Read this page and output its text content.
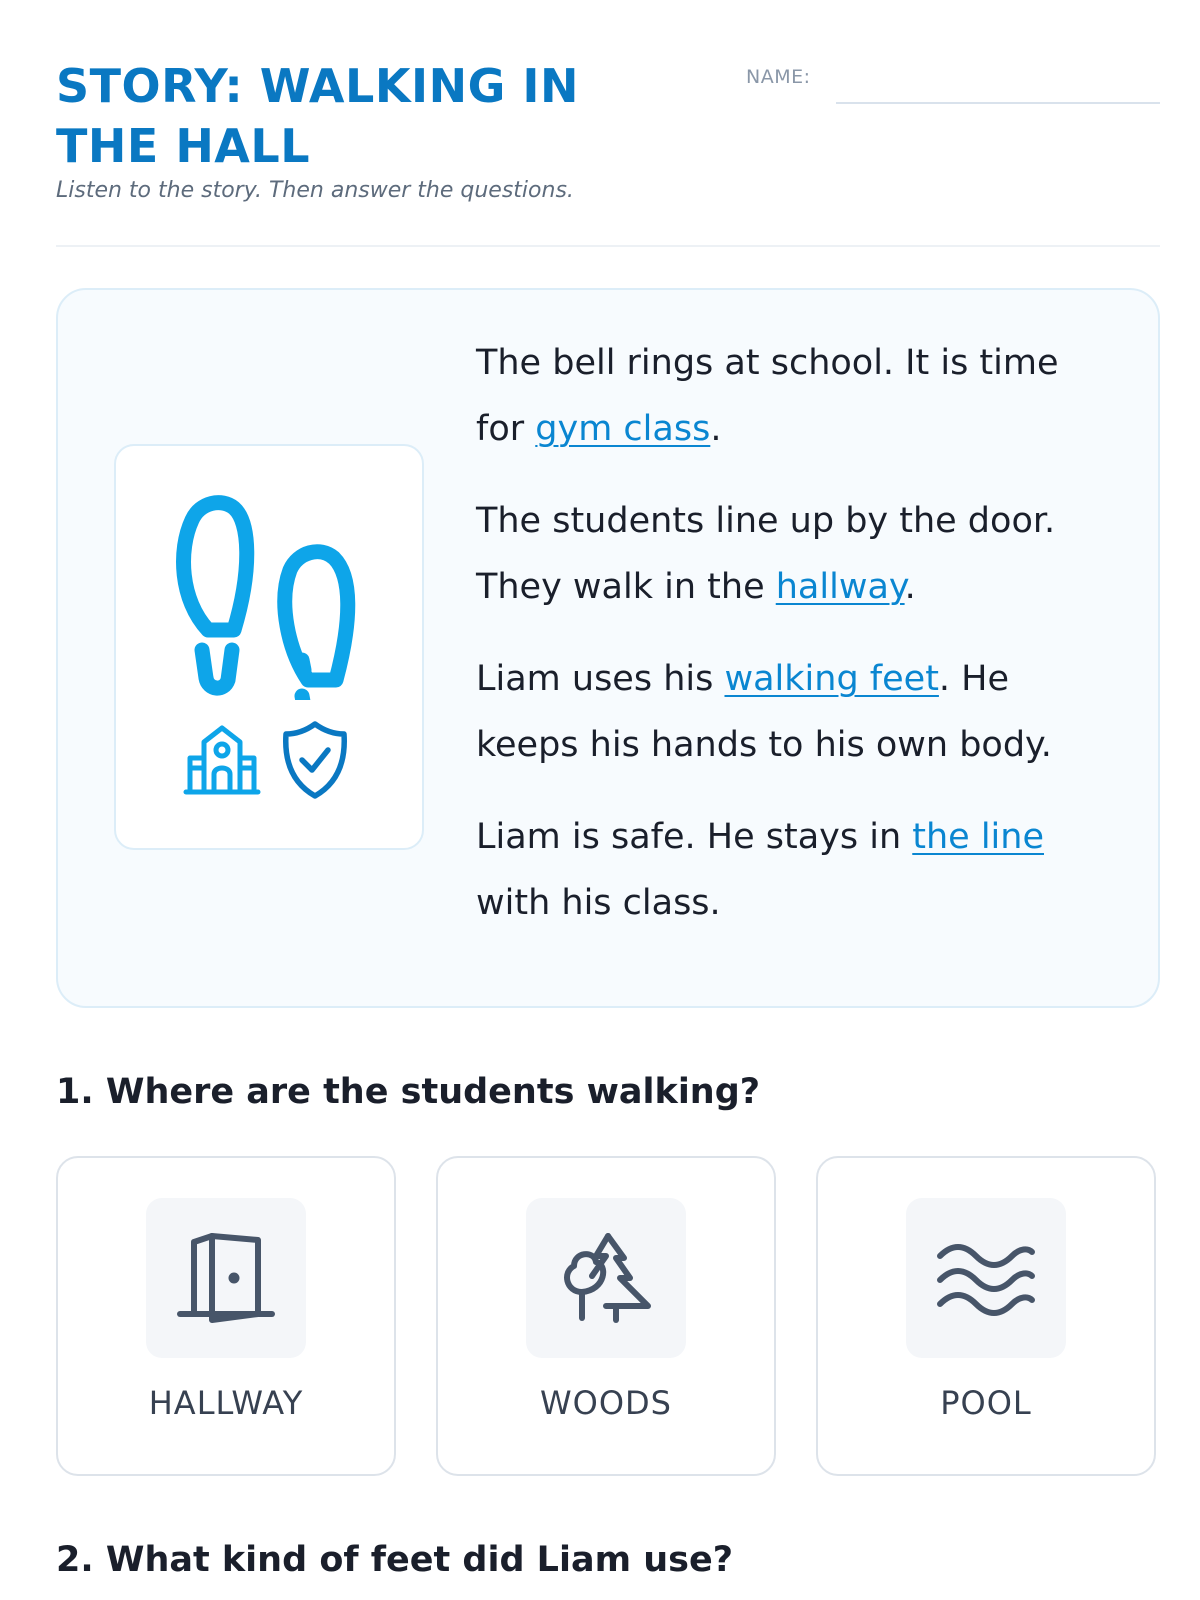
STORY: WALKING IN THE HALL

Listen to the story. Then answer the questions.

NAME:

The bell rings at school. It is time for gym class.

The students line up by the door. They walk in the hallway.

Liam uses his walking feet. He keeps his hands to his own body.

Liam is safe. He stays in the line with his class.

1. Where are the students walking?
HALLWAY	WOODS	POOL
2. What kind of feet did Liam use?
